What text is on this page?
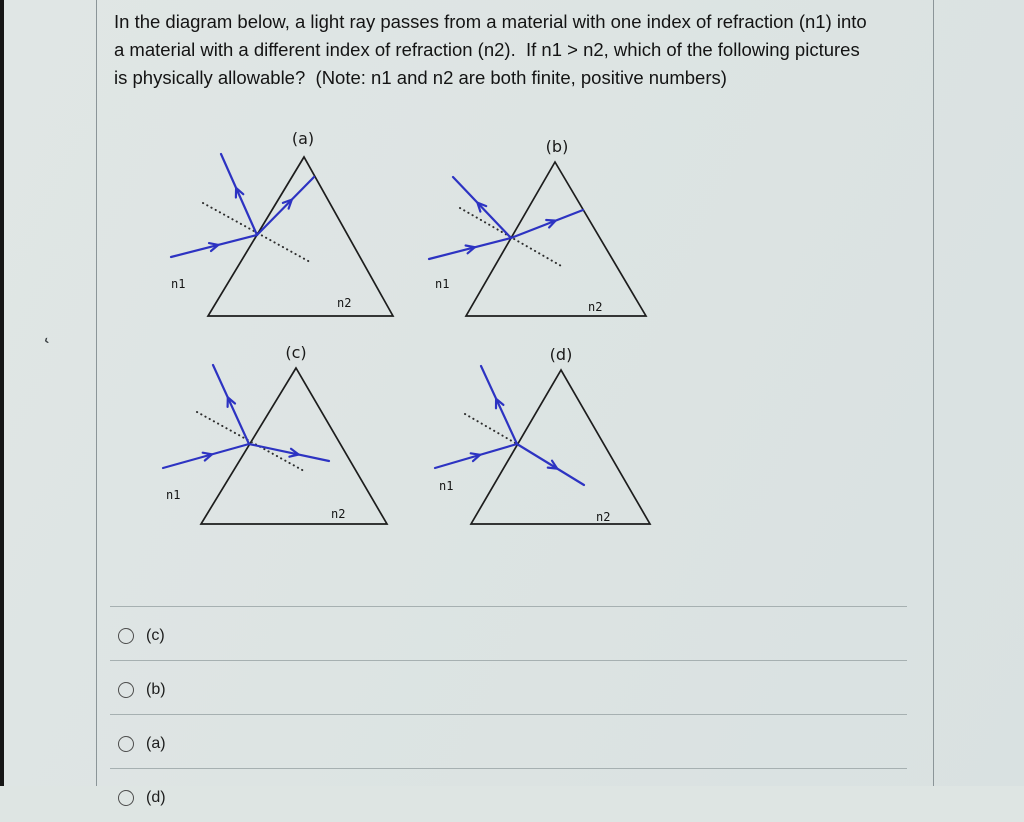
In the diagram below, a light ray passes from a material with one index of refraction (n1) into
a material with a different index of refraction (n2).  If n1 > n2, which of the following pictures
is physically allowable?  (Note: n1 and n2 are both finite, positive numbers)
‹
(a)
n1
n2
(b)
n1
n2
(c)
n1
n2
(d)
n1
n2
(c)
(b)
(a)
(d)
